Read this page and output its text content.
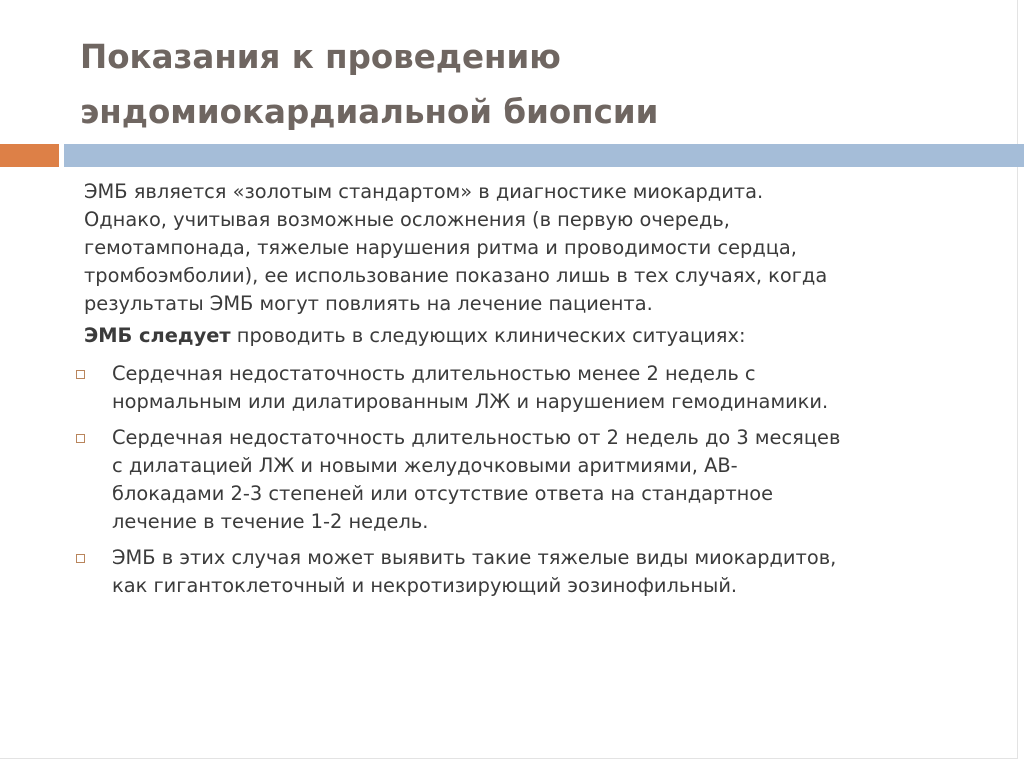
Показания к проведению
эндомиокардиальной биопсии

ЭМБ является «золотым стандартом» в диагностике миокардита.
Однако, учитывая возможные осложнения (в первую очередь,
гемотампонада, тяжелые нарушения ритма и проводимости сердца,
тромбоэмболии), ее использование показано лишь в тех случаях, когда
результаты ЭМБ могут повлиять на лечение пациента.

ЭМБ следует проводить в следующих клинических ситуациях:

Сердечная недостаточность длительностью менее 2 недель с
нормальным или дилатированным ЛЖ и нарушением гемодинамики.
Сердечная недостаточность длительностью от 2 недель до 3 месяцев
с дилатацией ЛЖ и новыми желудочковыми аритмиями, АВ-
блокадами 2-3 степеней или отсутствие ответа на стандартное
лечение в течение 1-2 недель.
ЭМБ в этих случая может выявить такие тяжелые виды миокардитов,
как гигантоклеточный и некротизирующий эозинофильный.
